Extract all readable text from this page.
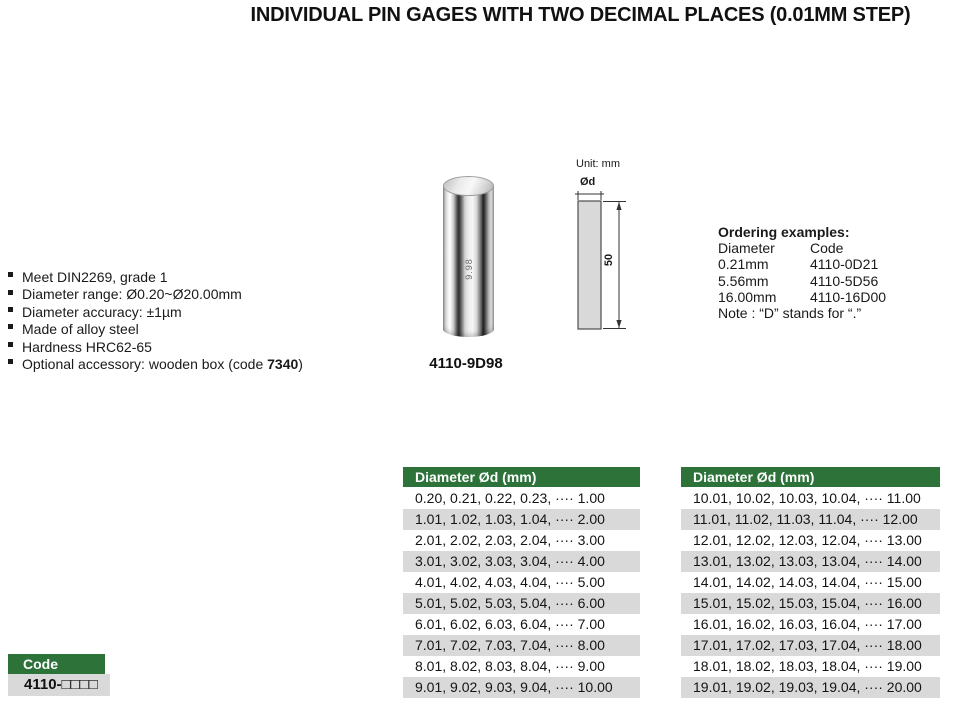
INDIVIDUAL PIN GAGES WITH TWO DECIMAL PLACES (0.01MM STEP)
Meet DIN2269, grade 1
Diameter range: Ø0.20~Ø20.00mm
Diameter accuracy: ±1µm
Made of alloy steel
Hardness HRC62-65
Optional accessory: wooden box (code 7340)
9.98
4110-9D98
Unit: mm
Ød
50
Ordering examples:
Diameter	Code
0.21mm	4110-0D21
5.56mm	4110-5D56
16.00mm	4110-16D00
Note : “D” stands for “.”
Diameter Ød (mm)
0.20, 0.21, 0.22, 0.23, ···· 1.00
1.01, 1.02, 1.03, 1.04, ···· 2.00
2.01, 2.02, 2.03, 2.04, ···· 3.00
3.01, 3.02, 3.03, 3.04, ···· 4.00
4.01, 4.02, 4.03, 4.04, ···· 5.00
5.01, 5.02, 5.03, 5.04, ···· 6.00
6.01, 6.02, 6.03, 6.04, ···· 7.00
7.01, 7.02, 7.03, 7.04, ···· 8.00
8.01, 8.02, 8.03, 8.04, ···· 9.00
9.01, 9.02, 9.03, 9.04, ···· 10.00
Diameter Ød (mm)
10.01, 10.02, 10.03, 10.04, ···· 11.00
11.01, 11.02, 11.03, 11.04, ···· 12.00
12.01, 12.02, 12.03, 12.04, ···· 13.00
13.01, 13.02, 13.03, 13.04, ···· 14.00
14.01, 14.02, 14.03, 14.04, ···· 15.00
15.01, 15.02, 15.03, 15.04, ···· 16.00
16.01, 16.02, 16.03, 16.04, ···· 17.00
17.01, 17.02, 17.03, 17.04, ···· 18.00
18.01, 18.02, 18.03, 18.04, ···· 19.00
19.01, 19.02, 19.03, 19.04, ···· 20.00
Code
4110-□□□□
